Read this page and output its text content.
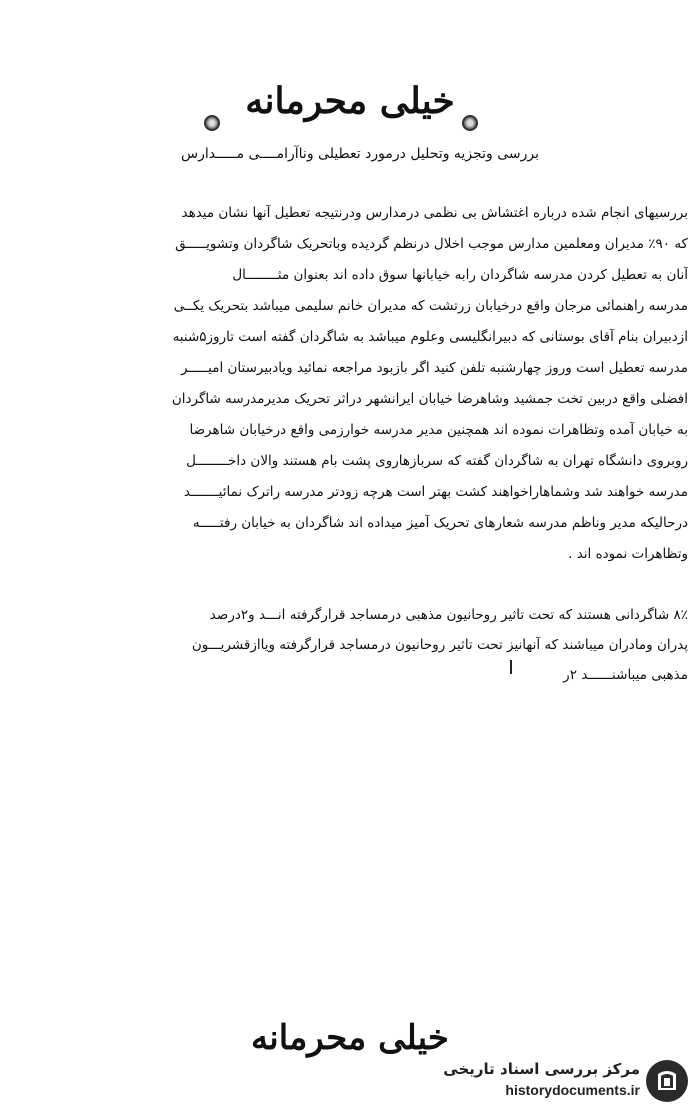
خیلی محرمانه
بررسی وتجزیه وتحلیل درمورد تعطیلی وناآرامــــی مـــــدارس
بررسیهای انجام شده درباره اغتشاش بی نظمی درمدارس ودرنتیجه تعطیل آنها نشان میدهد
که ۹۰٪ مدیران ومعلمین مدارس موجب اخلال درنظم گردیده وباتحریک شاگردان وتشویـــــق
آنان به تعطیل کردن مدرسه شاگردان رابه خیابانها سوق داده اند بعنوان مثــــــــال
مدرسه راهنمائی مرجان واقع درخیابان زرتشت که مدیران خانم سلیمی میباشد بتحریک یکــی
ازدبیران بنام آقای بوستانی که دبیرانگلیسی وعلوم میباشد به شاگردان گفته است تاروز۵شنبه
مدرسه تعطیل است وروز چهارشنبه تلفن کنید اگر بازبود مراجعه نمائید ویادبیرستان امیـــــر
افضلی واقع دربین تخت جمشید وشاهرضا خیابان ایرانشهر دراثر تحریک مدیرمدرسه شاگردان
به خیابان آمده وتظاهرات نموده اند همچنین مدیر مدرسه خوارزمی واقع درخیابان شاهرضا
روبروی دانشگاه تهران به شاگردان گفته که سربازهاروی پشت بام هستند والان داخــــــــل
مدرسه خواهند شد وشماهاراخواهند کشت بهتر است هرچه زودتر مدرسه راترک نمائیـــــــد
درحالیکه مدیر وناظم مدرسه شعارهای تحریک آمیز میداده اند شاگردان به خیابان رفتـــــه
وتظاهرات نموده اند .
۸٪ شاگردانی هستند که تحت تاثیر روحانیون مذهبی درمساجد قرارگرفته انـــد و۲درصد
پدران ومادران میباشند که آنهانیز تحت تاثیر روحانیون درمساجد قرارگرفته ویاازقشریـــون
مذهبی میباشنــــــد ۲ر
خیلی محرمانه
مرکز بررسی اسناد تاریخی
historydocuments.ir
